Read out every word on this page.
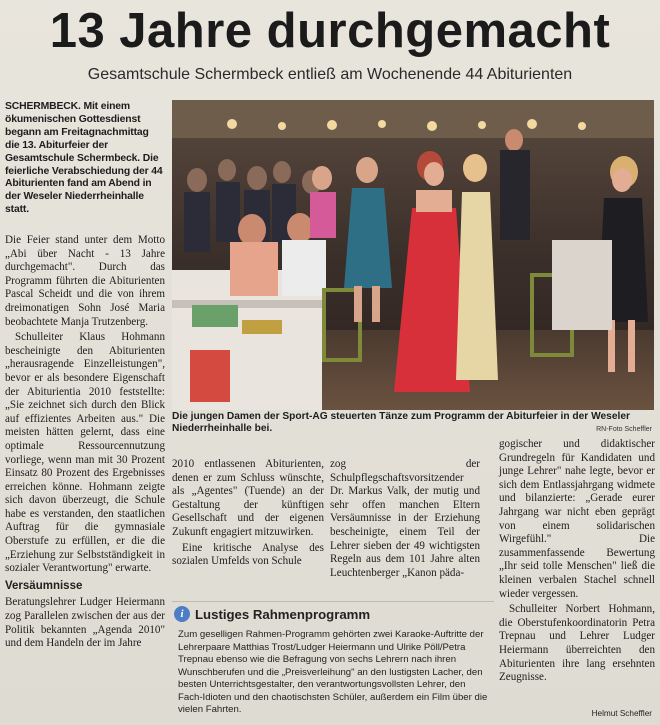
13 Jahre durchgemacht
Gesamtschule Schermbeck entließ am Wochenende 44 Abiturienten
SCHERMBECK. Mit einem ökumenischen Gottesdienst begann am Freitagnachmittag die 13. Abiturfeier der Gesamtschule Schermbeck. Die feierliche Verabschiedung der 44 Abiturienten fand am Abend in der Weseler Niederrheinhalle statt.

Die Feier stand unter dem Motto „Abi über Nacht - 13 Jahre durchgemacht". Durch das Programm führten die Abiturienten Pascal Scheidt und die von ihrem dreimonatigen Sohn José Maria beobachtete Manja Trutzenberg.

Schulleiter Klaus Hohmann bescheinigte den Abiturienten „herausragende Einzelleistungen", bevor er als besondere Eigenschaft der Abiturientia 2010 feststellte: „Sie zeichnet sich durch den Blick auf effizientes Arbeiten aus." Die meisten hätten gelernt, dass eine optimale Ressourcennutzung vorliege, wenn man mit 30 Prozent Einsatz 80 Prozent des Ergebnisses erreichen könne. Hohmann zeigte sich davon überzeugt, die Schule habe es verstanden, den staatlichen Auftrag für die gymnasiale Oberstufe zu erfüllen, er die die „Erziehung zur Selbstständigkeit in sozialer Verantwortung" erwarte.

Versäumnisse

Beratungslehrer Ludger Heiermann zog Parallelen zwischen der aus der Politik bekannten „Agenda 2010" und dem Handeln der im Jahre

Die jungen Damen der Sport-AG steuerten Tänze zum Programm der Abiturfeier in der Weseler Niederrheinhalle bei.	RN-Foto Scheffler

2010 entlassenen Abiturienten, denen er zum Schluss wünschte, als „Agentes" (Tuende) an der Gestaltung der künftigen Gesellschaft und der eigenen Zukunft engagiert mitzuwirken.

Eine kritische Analyse des sozialen Umfelds von Schule

zog der Schulpflegschaftsvorsitzender Dr. Markus Valk, der mutig und sehr offen manchen Eltern Versäumnisse in der Erziehung bescheinigte, einem Teil der Lehrer sieben der 49 wichtigsten Regeln aus dem 101 Jahre alten Leuchtenberger „Kanon päda-

gogischer und didaktischer Grundregeln für Kandidaten und junge Lehrer" nahe legte, bevor er sich dem Entlassjahrgang widmete und bilanzierte: „Gerade eurer Jahrgang war nicht eben geprägt von einem solidarischen Wirgefühl." Die zusammenfassende Bewertung „Ihr seid tolle Menschen" ließ die kleinen verbalen Stachel schnell wieder vergessen.

Schulleiter Norbert Hohmann, die Oberstufenkoordinatorin Petra Trepnau und Lehrer Ludger Heiermann überreichten den Abiturienten ihre lang ersehnten Zeugnisse.

i Lustiges Rahmenprogramm
Zum geselligen Rahmen-Programm gehörten zwei Karaoke-Auftritte der Lehrerpaare Matthias Trost/Ludger Heiermann und Ulrike Pöll/Petra Trepnau ebenso wie die Befragung von sechs Lehrern nach ihren Wunschberufen und die „Preisverleihung" an den lustigsten Lacher, den besten Unterrichtsgestalter, den verantwortungsvollsten Lehrer, den Fach-Idioten und den chaotischsten Schüler, außerdem ein Film über die vielen Fahrten.	Helmut Scheffler
